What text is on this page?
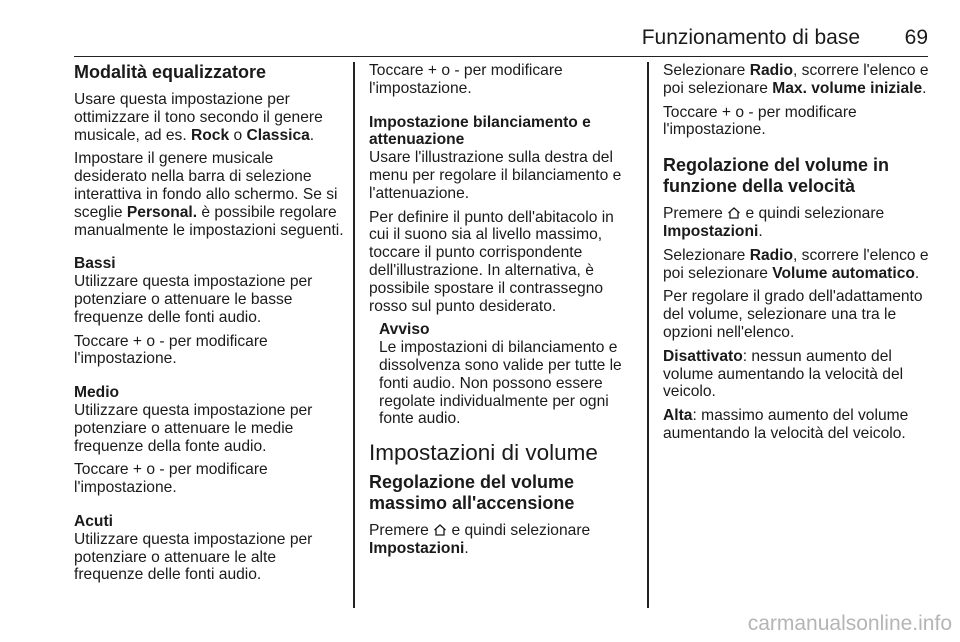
Funzionamento di base 69
Modalità equalizzatore

Usare questa impostazione per ottimizzare il tono secondo il genere musicale, ad es. Rock o Classica.

Impostare il genere musicale desiderato nella barra di selezione interattiva in fondo allo schermo. Se si sceglie Personal. è possibile regolare manualmente le impostazioni seguenti.

Bassi

Utilizzare questa impostazione per potenziare o attenuare le basse frequenze delle fonti audio.

Toccare + o - per modificare l'impostazione.

Medio

Utilizzare questa impostazione per potenziare o attenuare le medie frequenze della fonte audio.

Toccare + o - per modificare l'impostazione.

Acuti

Utilizzare questa impostazione per potenziare o attenuare le alte frequenze delle fonti audio.

Toccare + o - per modificare l'impostazione.

Impostazione bilanciamento e attenuazione

Usare l'illustrazione sulla destra del menu per regolare il bilanciamento e l'attenuazione.

Per definire il punto dell'abitacolo in cui il suono sia al livello massimo, toccare il punto corrispondente dell'illustrazione. In alternativa, è possibile spostare il contrassegno rosso sul punto desiderato.

Avviso

Le impostazioni di bilanciamento e dissolvenza sono valide per tutte le fonti audio. Non possono essere regolate individualmente per ogni fonte audio.

Impostazioni di volume
Regolazione del volume massimo all'accensione

Premere  e quindi selezionare Impostazioni.

Selezionare Radio, scorrere l'elenco e poi selezionare Max. volume iniziale.

Toccare + o - per modificare l'impostazione.

Regolazione del volume in funzione della velocità

Premere  e quindi selezionare Impostazioni.

Selezionare Radio, scorrere l'elenco e poi selezionare Volume automatico.

Per regolare il grado dell'adattamento del volume, selezionare una tra le opzioni nell'elenco.

Disattivato: nessun aumento del volume aumentando la velocità del veicolo.

Alta: massimo aumento del volume aumentando la velocità del veicolo.

carmanualsonline.info
